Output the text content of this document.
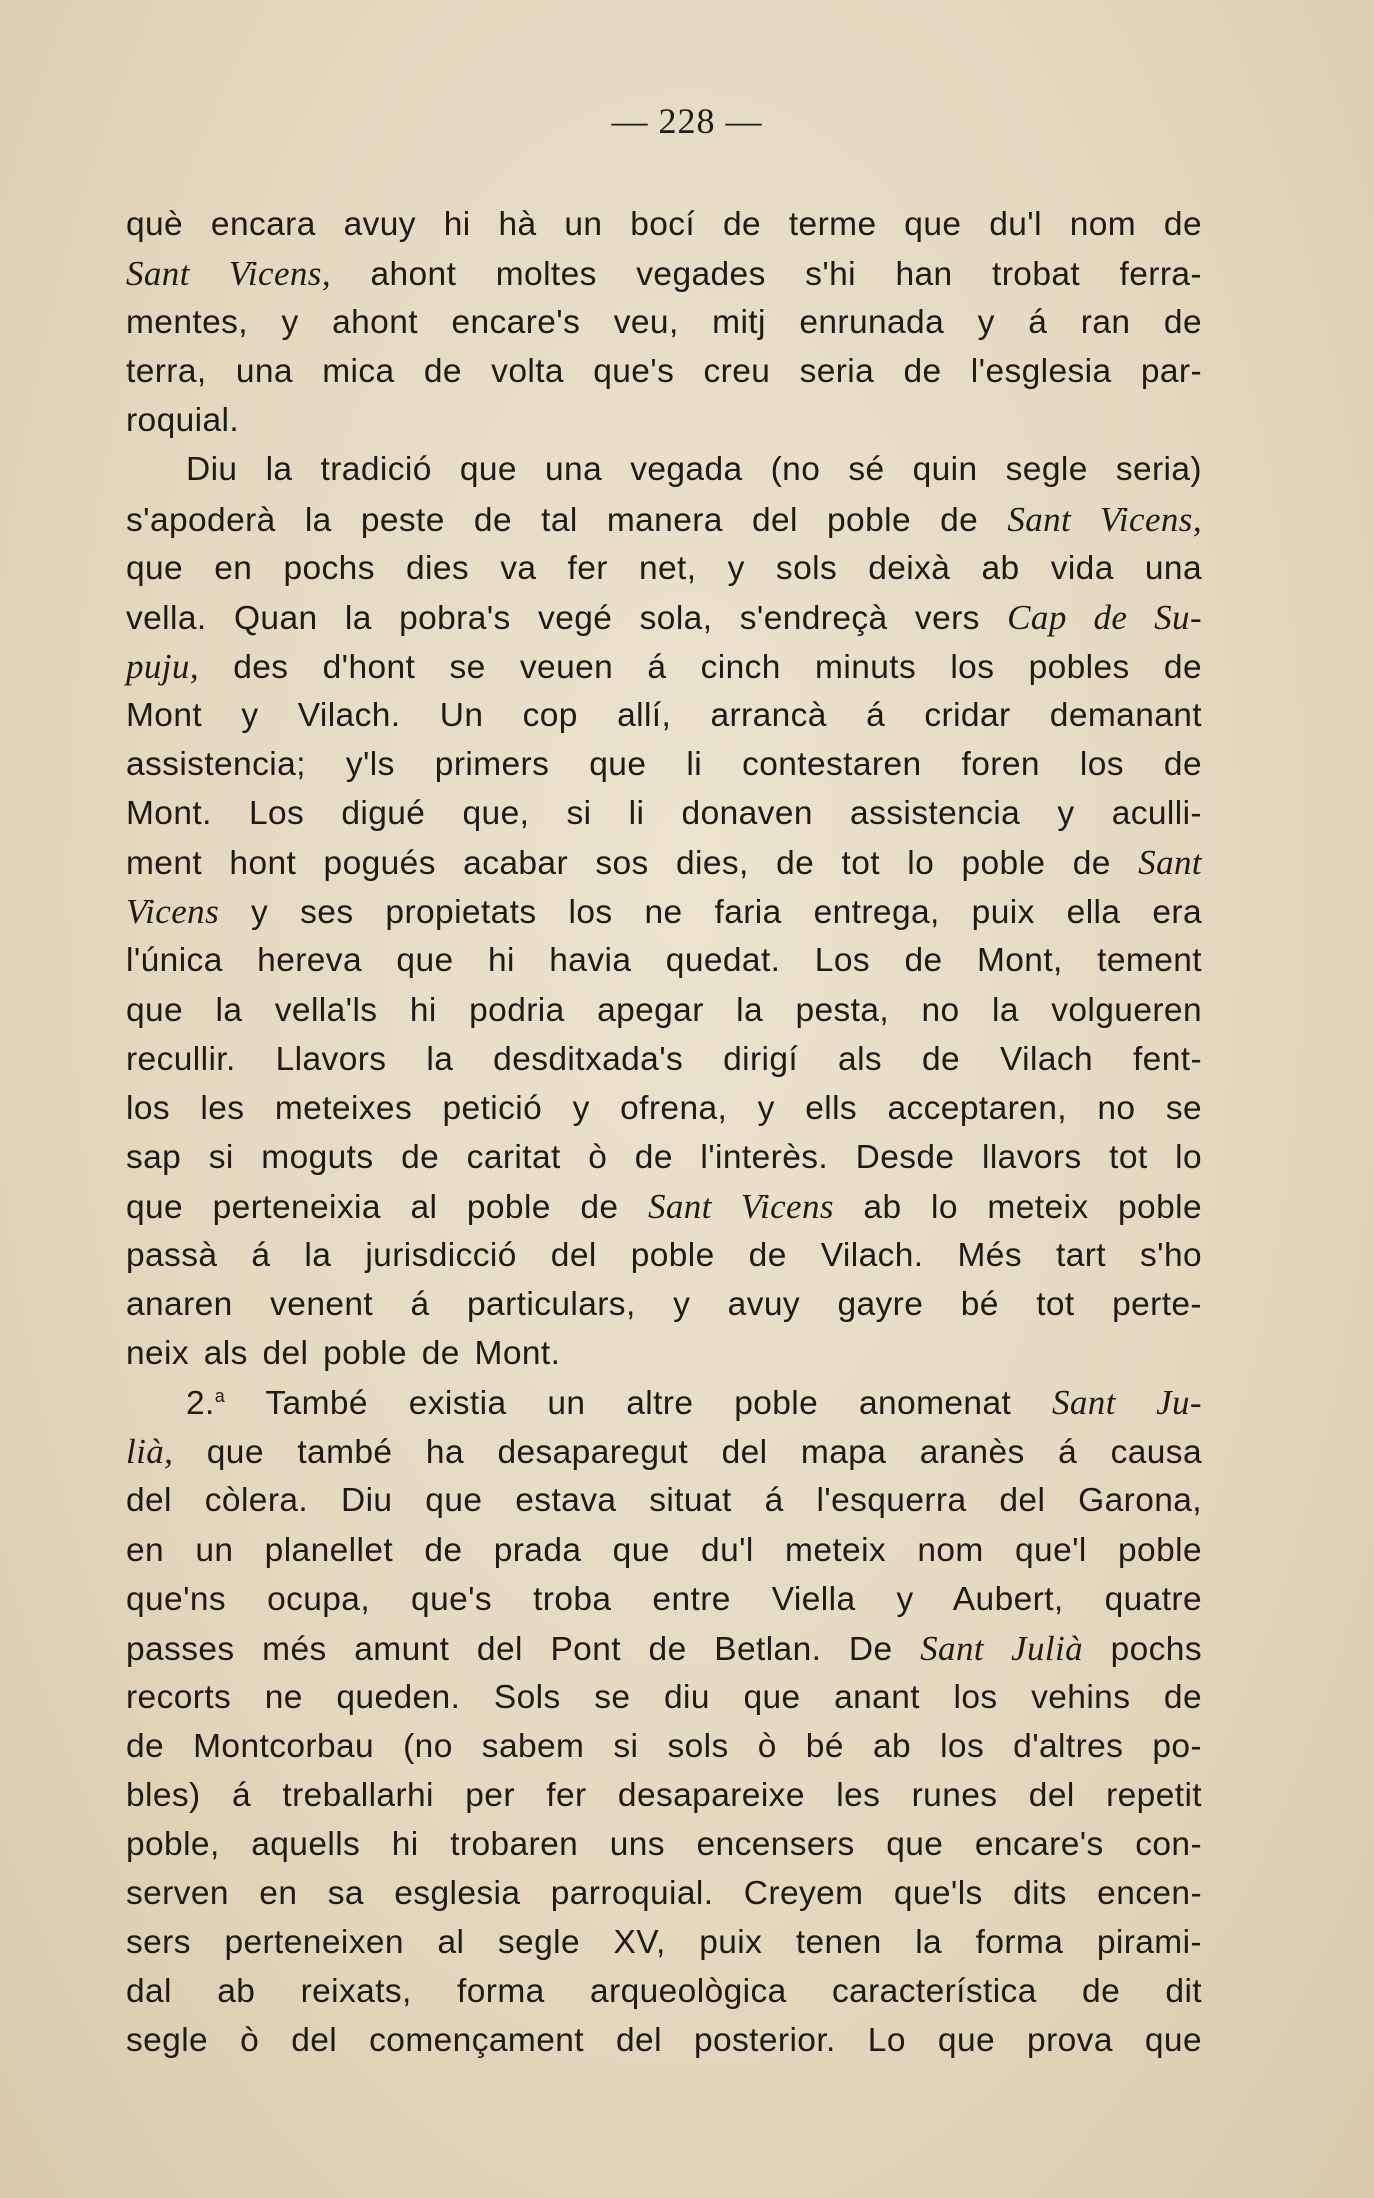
— 228 —
què encara avuy hi hà un bocí de terme que du'l nom de
Sant Vicens, ahont moltes vegades s'hi han trobat ferra-
mentes, y ahont encare's veu, mitj enrunada y á ran de
terra, una mica de volta que's creu seria de l'esglesia par-
roquial.
Diu la tradició que una vegada (no sé quin segle seria)
s'apoderà la peste de tal manera del poble de Sant Vicens,
que en pochs dies va fer net, y sols deixà ab vida una
vella. Quan la pobra's vegé sola, s'endreçà vers Cap de Su-
puju, des d'hont se veuen á cinch minuts los pobles de
Mont y Vilach. Un cop allí, arrancà á cridar demanant
assistencia; y'ls primers que li contestaren foren los de
Mont. Los digué que, si li donaven assistencia y aculli-
ment hont pogués acabar sos dies, de tot lo poble de Sant
Vicens y ses propietats los ne faria entrega, puix ella era
l'única hereva que hi havia quedat. Los de Mont, tement
que la vella'ls hi podria apegar la pesta, no la volgueren
recullir. Llavors la desditxada's dirigí als de Vilach fent-
los les meteixes petició y ofrena, y ells acceptaren, no se
sap si moguts de caritat ò de l'interès. Desde llavors tot lo
que perteneixia al poble de Sant Vicens ab lo meteix poble
passà á la jurisdicció del poble de Vilach. Més tart s'ho
anaren venent á particulars, y avuy gayre bé tot perte-
neix als del poble de Mont.
2.$^a$ També existia un altre poble anomenat Sant Ju-
lià, que també ha desaparegut del mapa aranès á causa
del còlera. Diu que estava situat á l'esquerra del Garona,
en un planellet de prada que du'l meteix nom que'l poble
que'ns ocupa, que's troba entre Viella y Aubert, quatre
passes més amunt del Pont de Betlan. De Sant Julià pochs
recorts ne queden. Sols se diu que anant los vehins de
de Montcorbau (no sabem si sols ò bé ab los d'altres po-
bles) á treballarhi per fer desapareixe les runes del repetit
poble, aquells hi trobaren uns encensers que encare's con-
serven en sa esglesia parroquial. Creyem que'ls dits encen-
sers perteneixen al segle XV, puix tenen la forma pirami-
dal ab reixats, forma arqueològica característica de dit
segle ò del començament del posterior. Lo que prova que
